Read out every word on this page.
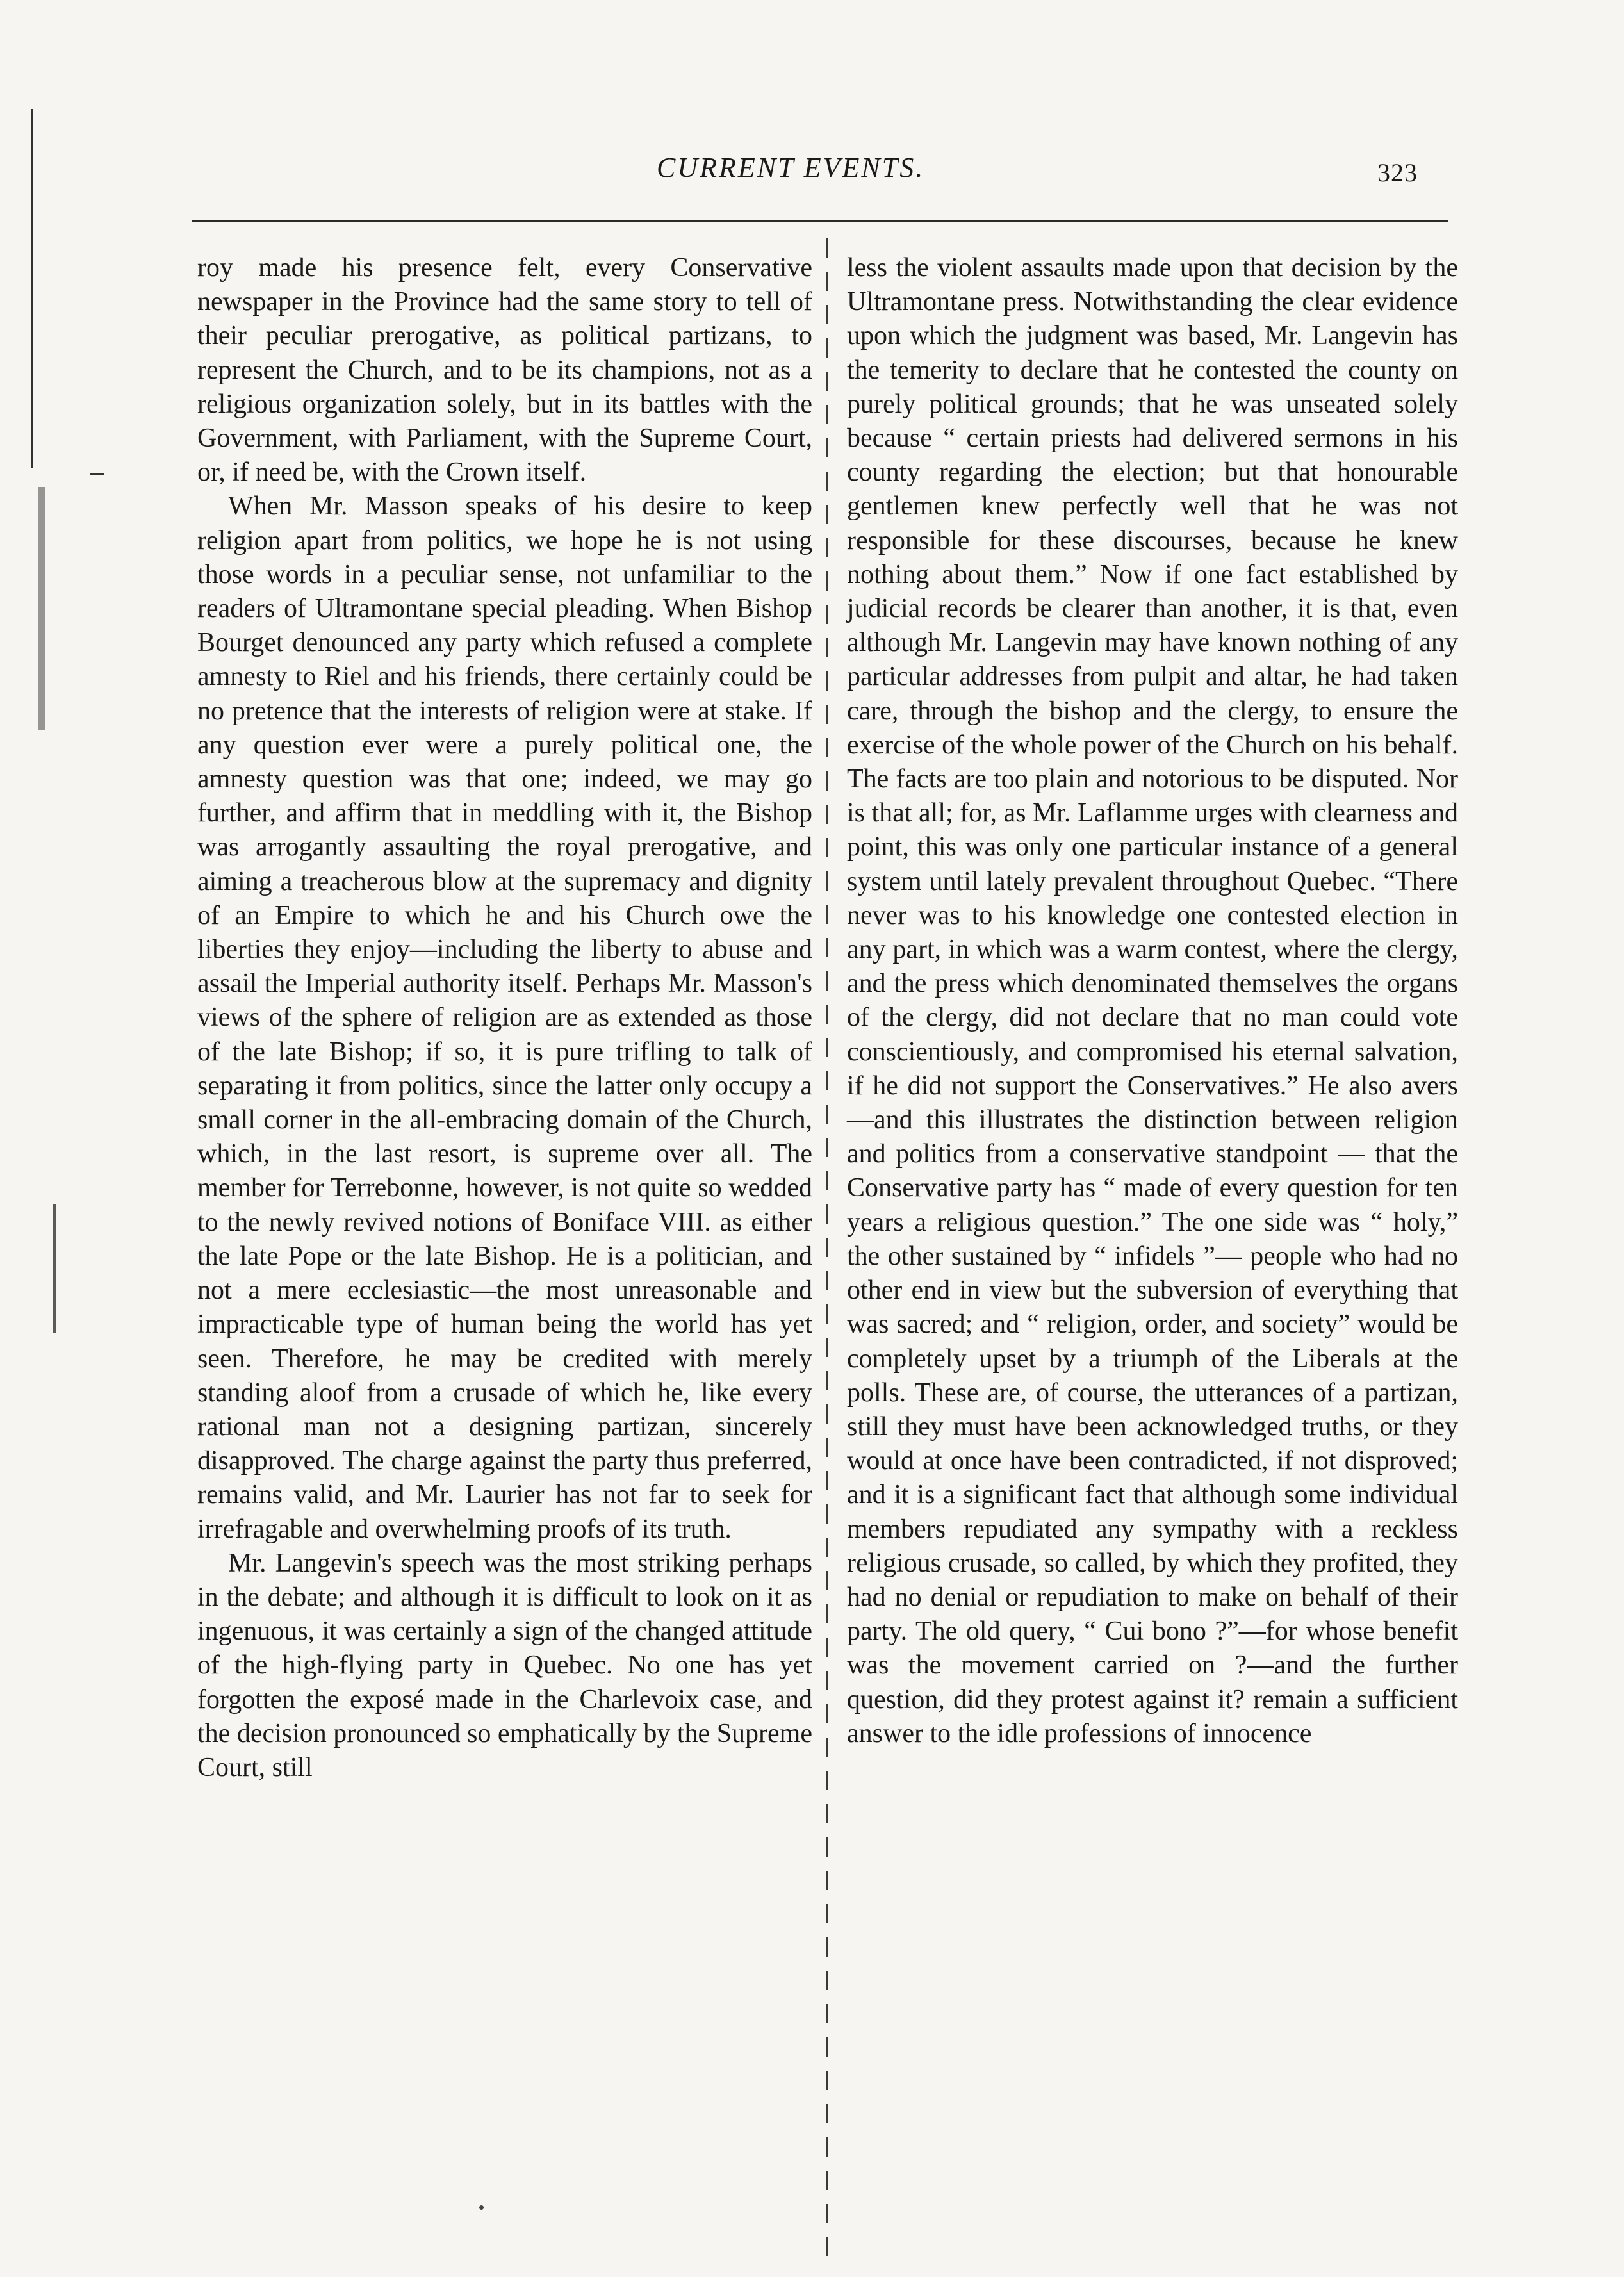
CURRENT EVENTS.	323

roy made his presence felt, every Conservative newspaper in the Province had the same story to tell of their peculiar prerogative, as political partizans, to represent the Church, and to be its champions, not as a religious organization solely, but in its battles with the Government, with Parliament, with the Supreme Court, or, if need be, with the Crown itself.

When Mr. Masson speaks of his desire to keep religion apart from politics, we hope he is not using those words in a peculiar sense, not unfamiliar to the readers of Ultramontane special pleading. When Bishop Bourget denounced any party which refused a complete amnesty to Riel and his friends, there certainly could be no pretence that the interests of religion were at stake. If any question ever were a purely political one, the amnesty question was that one; indeed, we may go further, and affirm that in meddling with it, the Bishop was arrogantly assaulting the royal prerogative, and aiming a treacherous blow at the supremacy and dignity of an Empire to which he and his Church owe the liberties they enjoy—including the liberty to abuse and assail the Imperial authority itself. Perhaps Mr. Masson's views of the sphere of religion are as extended as those of the late Bishop; if so, it is pure trifling to talk of separating it from politics, since the latter only occupy a small corner in the all-embracing domain of the Church, which, in the last resort, is supreme over all. The member for Terrebonne, however, is not quite so wedded to the newly revived notions of Boniface VIII. as either the late Pope or the late Bishop. He is a politician, and not a mere ecclesiastic—the most unreasonable and impracticable type of human being the world has yet seen. Therefore, he may be credited with merely standing aloof from a crusade of which he, like every rational man not a designing partizan, sincerely disapproved. The charge against the party thus preferred, remains valid, and Mr. Laurier has not far to seek for irrefragable and overwhelming proofs of its truth.

Mr. Langevin's speech was the most striking perhaps in the debate; and although it is difficult to look on it as ingenuous, it was certainly a sign of the changed attitude of the high-flying party in Quebec. No one has yet forgotten the exposé made in the Charlevoix case, and the decision pronounced so emphatically by the Supreme Court, still

less the violent assaults made upon that decision by the Ultramontane press. Notwithstanding the clear evidence upon which the judgment was based, Mr. Langevin has the temerity to declare that he contested the county on purely political grounds; that he was unseated solely because “ certain priests had delivered sermons in his county regarding the election; but that honourable gentlemen knew perfectly well that he was not responsible for these discourses, because he knew nothing about them.” Now if one fact established by judicial records be clearer than another, it is that, even although Mr. Langevin may have known nothing of any particular addresses from pulpit and altar, he had taken care, through the bishop and the clergy, to ensure the exercise of the whole power of the Church on his behalf. The facts are too plain and notorious to be disputed. Nor is that all; for, as Mr. Laflamme urges with clearness and point, this was only one particular instance of a general system until lately prevalent throughout Quebec. “There never was to his knowledge one contested election in any part, in which was a warm contest, where the clergy, and the press which denominated themselves the organs of the clergy, did not declare that no man could vote conscientiously, and compromised his eternal salvation, if he did not support the Conservatives.” He also avers—and this illustrates the distinction between religion and politics from a conservative standpoint — that the Conservative party has “ made of every question for ten years a religious question.” The one side was “ holy,” the other sustained by “ infidels ”— people who had no other end in view but the subversion of everything that was sacred; and “ religion, order, and society” would be completely upset by a triumph of the Liberals at the polls. These are, of course, the utterances of a partizan, still they must have been acknowledged truths, or they would at once have been contradicted, if not disproved; and it is a significant fact that although some individual members repudiated any sympathy with a reckless religious crusade, so called, by which they profited, they had no denial or repudiation to make on behalf of their party. The old query, “ Cui bono ?”—for whose benefit was the movement carried on ?—and the further question, did they protest against it? remain a sufficient answer to the idle professions of innocence
